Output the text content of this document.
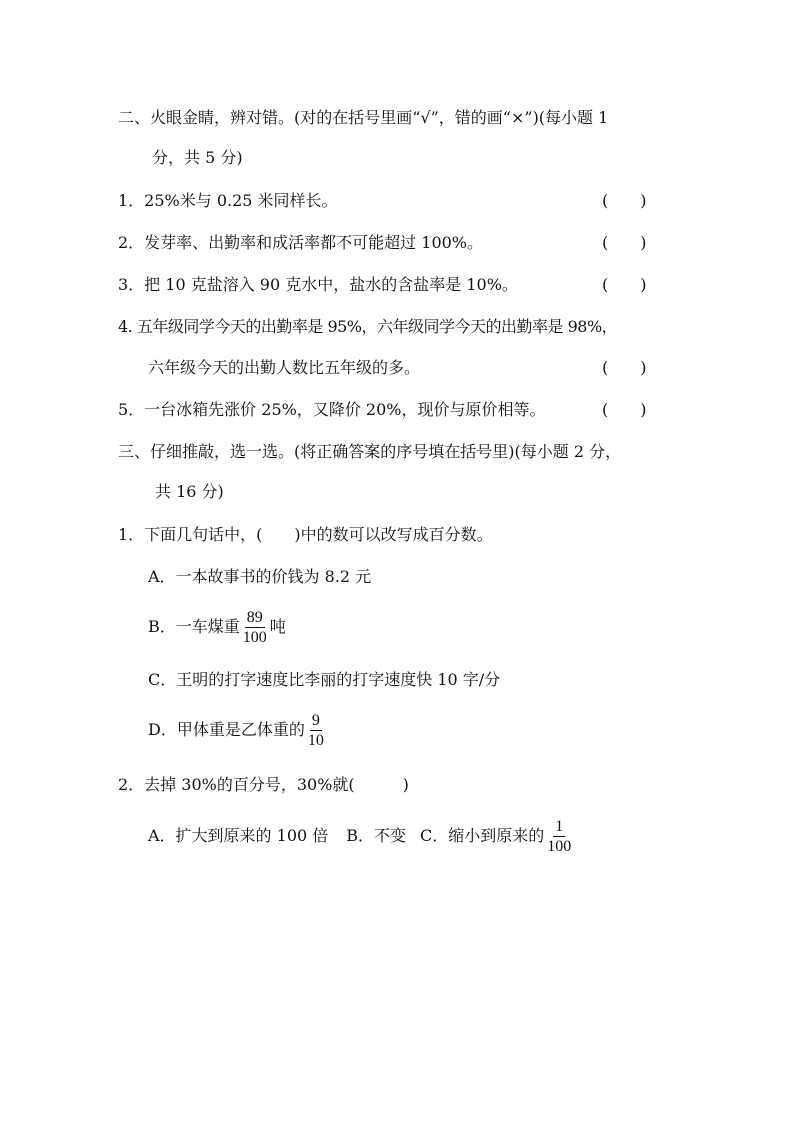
二、火眼金睛，辨对错。(对的在括号里画“√”，错的画“×”)(每小题 1
分，共 5 分)
1．25%米与 0.25 米同样长。	(　　)
2．发芽率、出勤率和成活率都不可能超过 100%。	(　　)
3．把 10 克盐溶入 90 克水中，盐水的含盐率是 10%。	(　　)
4. 五年级同学今天的出勤率是 95%，六年级同学今天的出勤率是 98%，
六年级今天的出勤人数比五年级的多。	(　　)
5．一台冰箱先涨价 25%，又降价 20%，现价与原价相等。	(　　)
三、仔细推敲，选一选。(将正确答案的序号填在括号里)(每小题 2 分，
共 16 分)
1．下面几句话中，(　　)中的数可以改写成百分数。
A．一本故事书的价钱为 8.2 元
B．一车煤重 $\frac{89}{100}$ 吨
C．王明的打字速度比李丽的打字速度快 10 字/分
D．甲体重是乙体重的 $\frac{9}{10}$
2．去掉 30%的百分号，30%就(　　　)
A．扩大到原来的 100 倍 B．不变 C．缩小到原来的 $\frac{1}{100}$
